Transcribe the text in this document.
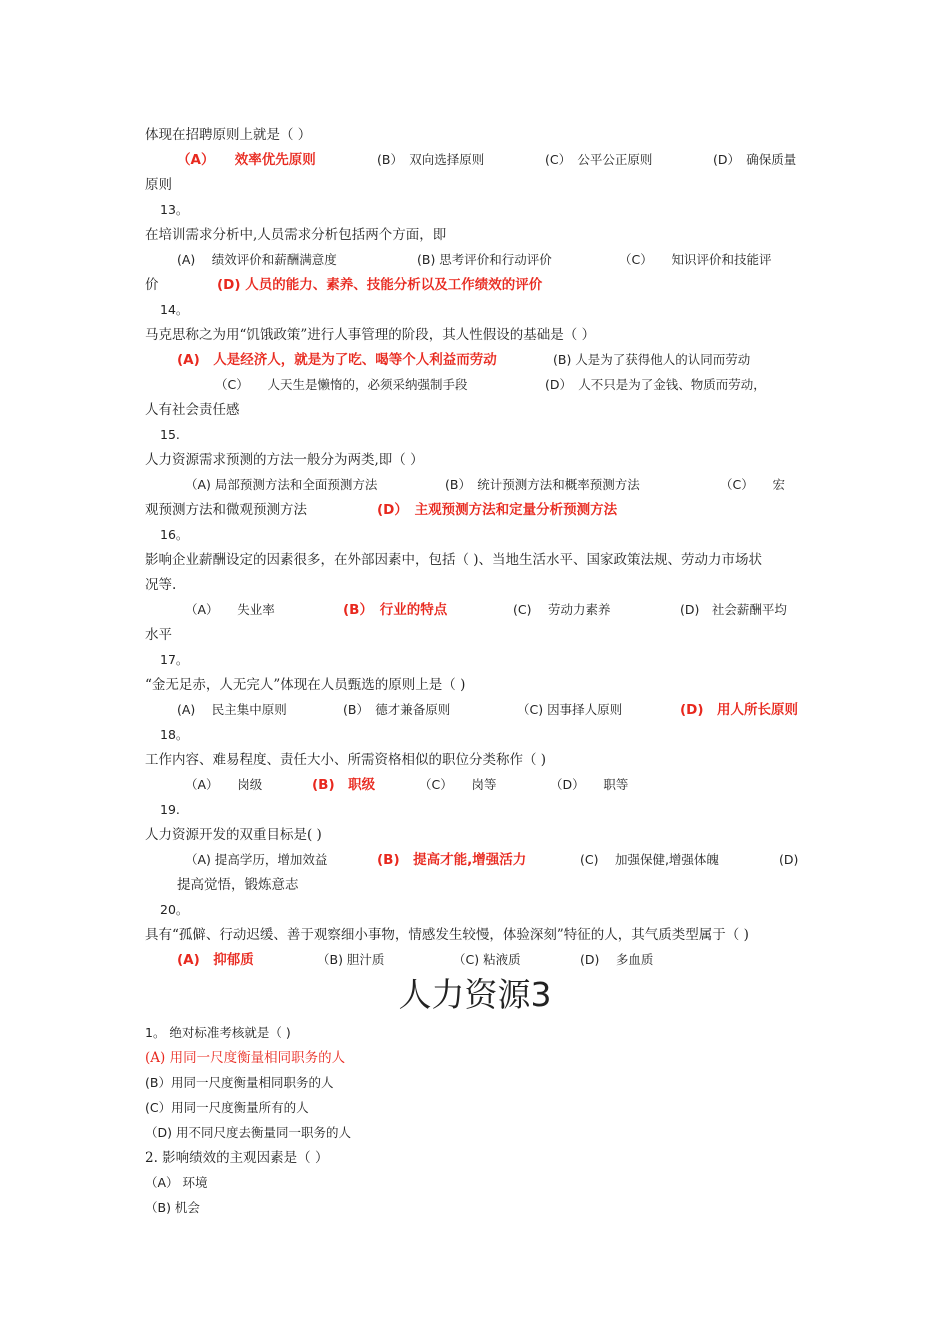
体现在招聘原则上就是（ ）
（A）　　效率优先原则	(B）　双向选择原则	(C）　公平公正原则	(D）　确保质量
原则
13。
在培训需求分析中,人员需求分析包括两个方面，即
(A)　 绩效评价和薪酬满意度	(B) 思考评价和行动评价	（C）　　知识评价和技能评
价	(D) 人员的能力、素养、技能分析以及工作绩效的评价
14。
马克思称之为用“饥饿政策”进行人事管理的阶段，其人性假设的基础是（ ）
(A)　人是经济人，就是为了吃、喝等个人利益而劳动	(B) 人是为了获得他人的认同而劳动
（C）　　人天生是懒惰的，必须采纳强制手段	(D）　人不只是为了金钱、物质而劳动，
人有社会责任感
15.
人力资源需求预测的方法一般分为两类,即（ ）
（A) 局部预测方法和全面预测方法	(B）　统计预测方法和概率预测方法	（C）　　宏
观预测方法和微观预测方法	(D）　主观预测方法和定量分析预测方法
16。
影响企业薪酬设定的因素很多，在外部因素中，包括（ )、当地生活水平、国家政策法规、劳动力市场状
况等.
（A）　　失业率	(B）　行业的特点	(C)　 劳动力素养	(D)　社会薪酬平均
水平
17。
“金无足赤，人无完人”体现在人员甄选的原则上是（ )
(A)　 民主集中原则	(B）　德才兼备原则	（C) 因事择人原则	(D)　用人所长原则
18。
工作内容、难易程度、责任大小、所需资格相似的职位分类称作（ )
（A）　　岗级	(B)　职级	（C）　　岗等	（D）　　职等
19.
人力资源开发的双重目标是( )
（A) 提高学历，增加效益	(B)　提高才能,增强活力	(C)　 加强保健,增强体魄	(D)
提高觉悟，锻炼意志
20。
具有“孤僻、行动迟缓、善于观察细小事物，情感发生较慢，体验深刻”特征的人，其气质类型属于（ )
(A)　抑郁质	（B) 胆汁质	（C) 粘液质	(D)　 多血质
人力资源3
1。 绝对标准考核就是（ )
(A) 用同一尺度衡量相同职务的人
(B）用同一尺度衡量相同职务的人
(C）用同一尺度衡量所有的人
（D) 用不同尺度去衡量同一职务的人
2. 影响绩效的主观因素是（ ）
（A） 环境
（B) 机会
